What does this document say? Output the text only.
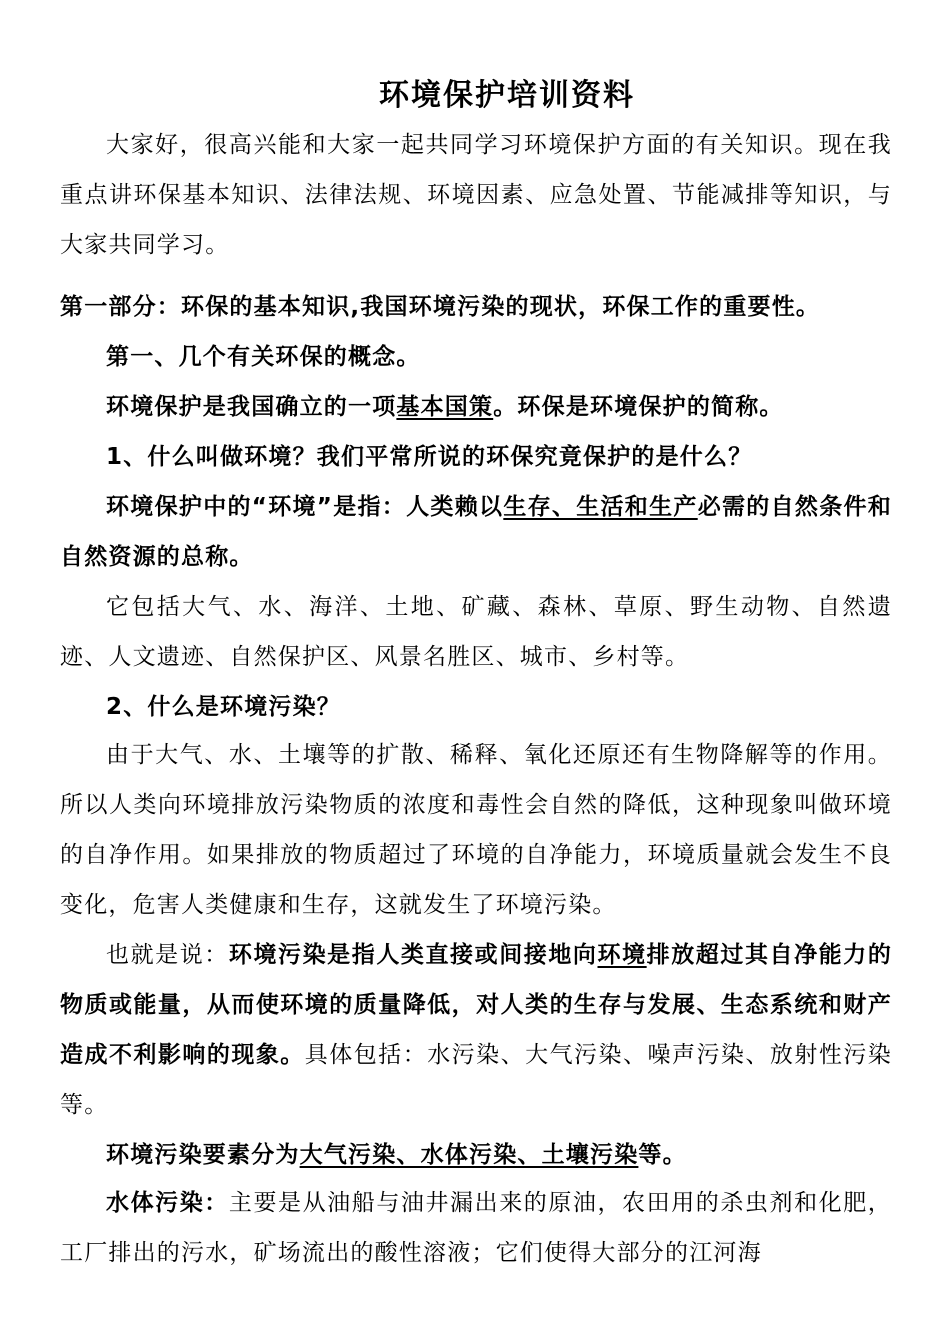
环境保护培训资料

大家好，很高兴能和大家一起共同学习环境保护方面的有关知识。现在我重点讲环保基本知识、法律法规、环境因素、应急处置、节能减排等知识，与大家共同学习。

第一部分：环保的基本知识,我国环境污染的现状，环保工作的重要性。

第一、几个有关环保的概念。

环境保护是我国确立的一项基本国策。环保是环境保护的简称。

1、什么叫做环境？我们平常所说的环保究竟保护的是什么？

环境保护中的“环境”是指：人类赖以生存、生活和生产必需的自然条件和自然资源的总称。

它包括大气、水、海洋、土地、矿藏、森林、草原、野生动物、自然遗迹、人文遗迹、自然保护区、风景名胜区、城市、乡村等。

2、什么是环境污染？

由于大气、水、土壤等的扩散、稀释、氧化还原还有生物降解等的作用。所以人类向环境排放污染物质的浓度和毒性会自然的降低，这种现象叫做环境的自净作用。如果排放的物质超过了环境的自净能力，环境质量就会发生不良变化，危害人类健康和生存，这就发生了环境污染。

也就是说：环境污染是指人类直接或间接地向环境排放超过其自净能力的物质或能量，从而使环境的质量降低，对人类的生存与发展、生态系统和财产造成不利影响的现象。具体包括：水污染、大气污染、噪声污染、放射性污染等。

环境污染要素分为大气污染、水体污染、土壤污染等。

水体污染：主要是从油船与油井漏出来的原油，农田用的杀虫剂和化肥，工厂排出的污水，矿场流出的酸性溶液；它们使得大部分的江河海
